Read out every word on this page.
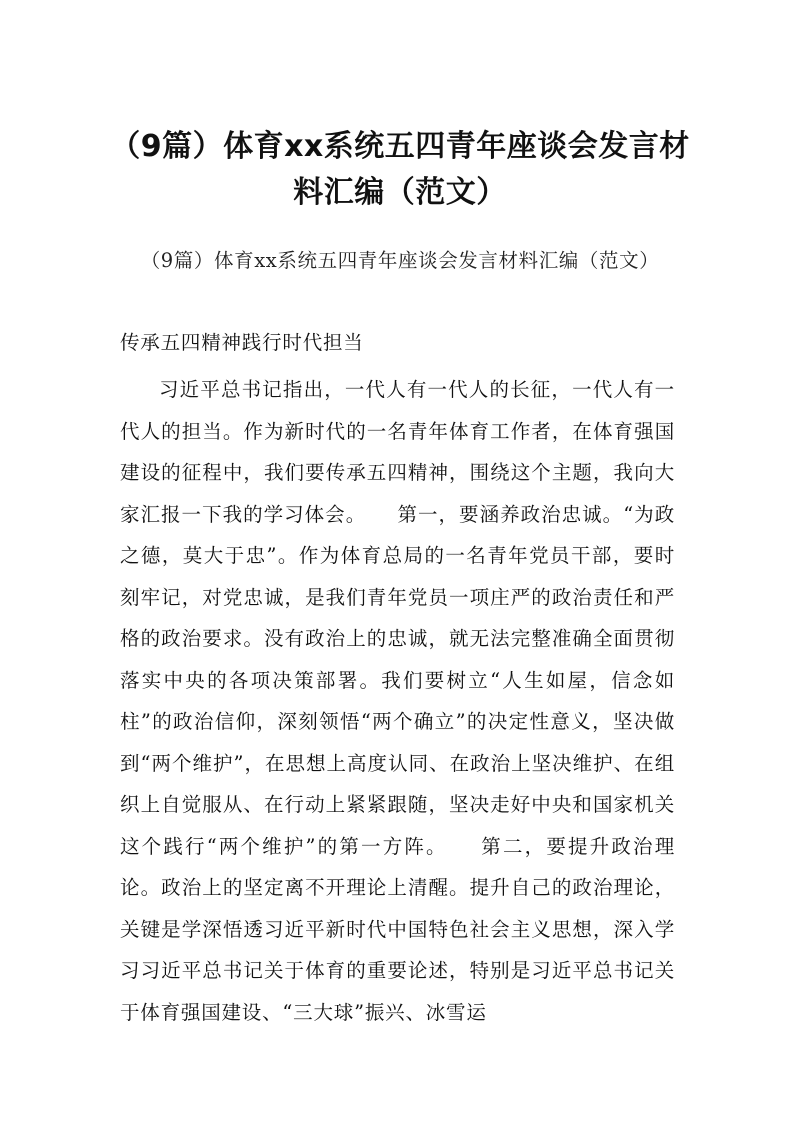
（9篇）体育xx系统五四青年座谈会发言材料汇编（范文）

（9篇）体育xx系统五四青年座谈会发言材料汇编（范文）

传承五四精神践行时代担当

习近平总书记指出，一代人有一代人的长征，一代人有一代人的担当。作为新时代的一名青年体育工作者，在体育强国建设的征程中，我们要传承五四精神，围绕这个主题，我向大家汇报一下我的学习体会。　　第一，要涵养政治忠诚。“为政之德，莫大于忠”。作为体育总局的一名青年党员干部，要时刻牢记，对党忠诚，是我们青年党员一项庄严的政治责任和严格的政治要求。没有政治上的忠诚，就无法完整准确全面贯彻落实中央的各项决策部署。我们要树立“人生如屋，信念如柱”的政治信仰，深刻领悟“两个确立”的决定性意义，坚决做到“两个维护”，在思想上高度认同、在政治上坚决维护、在组织上自觉服从、在行动上紧紧跟随，坚决走好中央和国家机关这个践行“两个维护”的第一方阵。　　第二，要提升政治理论。政治上的坚定离不开理论上清醒。提升自己的政治理论，关键是学深悟透习近平新时代中国特色社会主义思想，深入学习习近平总书记关于体育的重要论述，特别是习近平总书记关于体育强国建设、“三大球”振兴、冰雪运
